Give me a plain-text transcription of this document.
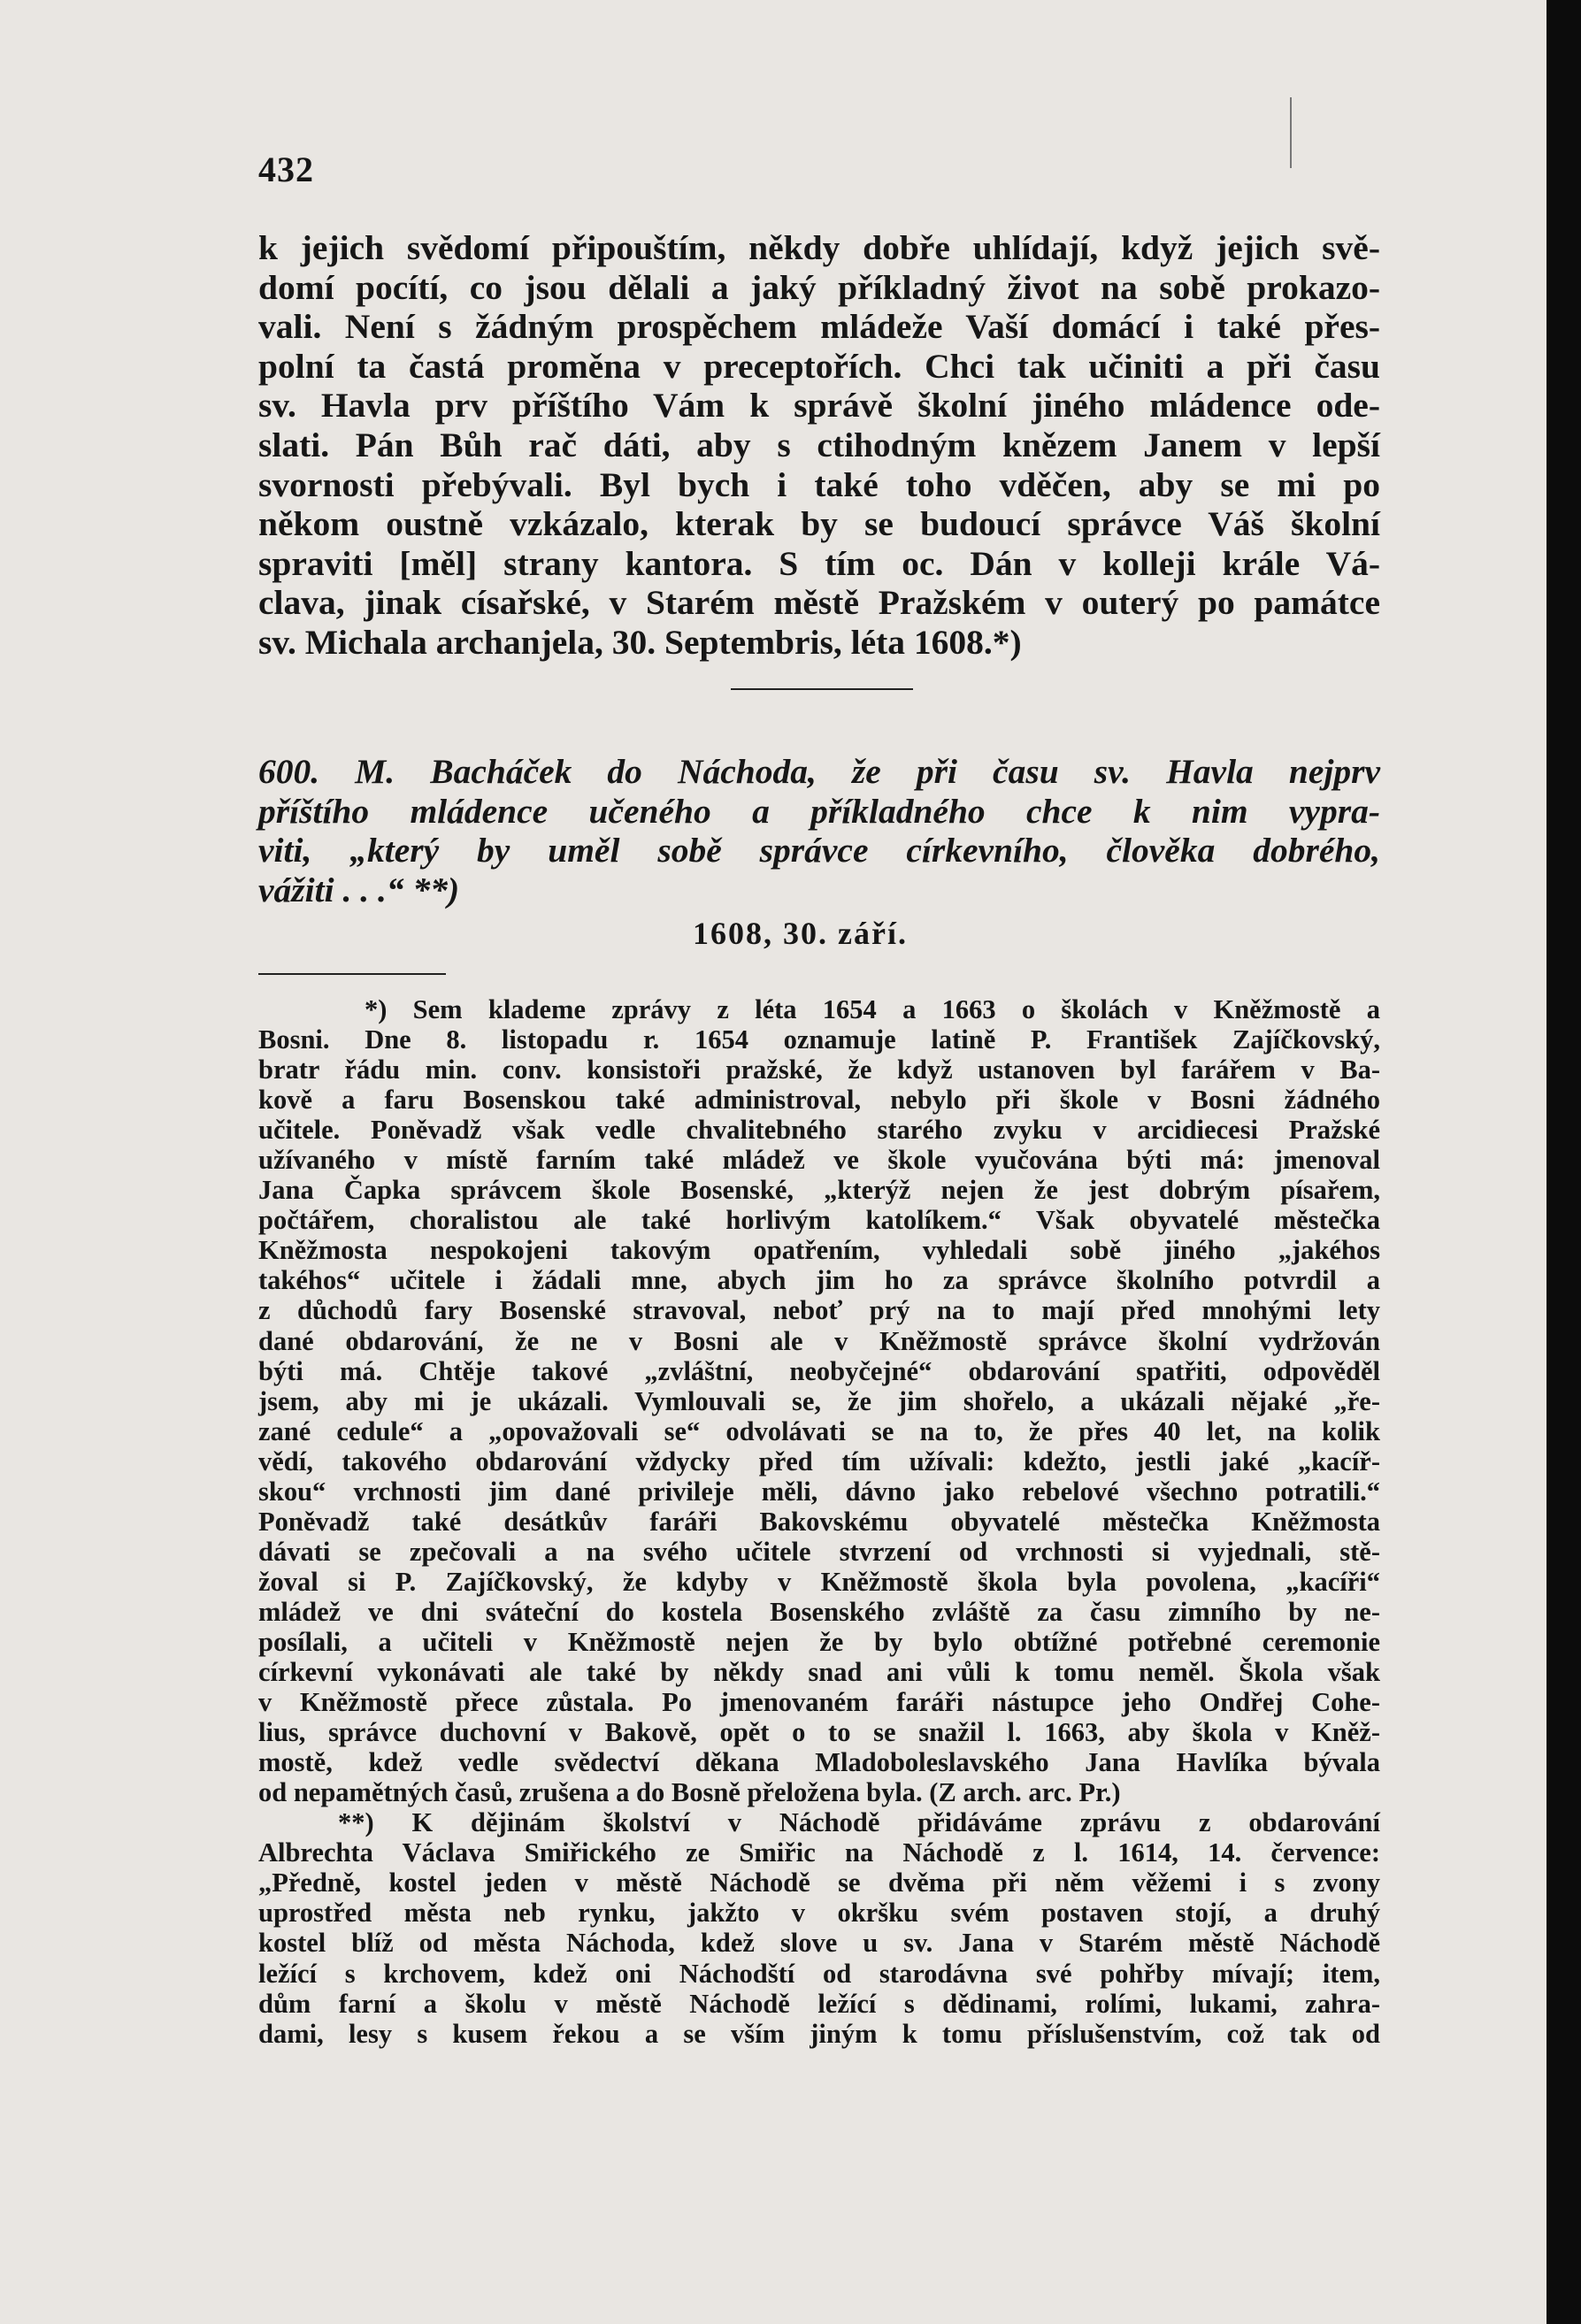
432
k jejich svědomí připouštím, někdy dobře uhlídají, když jejich svě-
domí pocítí, co jsou dělali a jaký příkladný život na sobě prokazo-
vali. Není s žádným prospěchem mládeže Vaší domácí i také přes-
polní ta častá proměna v preceptořích. Chci tak učiniti a při času
sv. Havla prv příštího Vám k správě školní jiného mládence ode-
slati. Pán Bůh rač dáti, aby s ctihodným knězem Janem v lepší
svornosti přebývali. Byl bych i také toho vděčen, aby se mi po
někom oustně vzkázalo, kterak by se budoucí správce Váš školní
spraviti [měl] strany kantora. S tím oc. Dán v kolleji krále Vá-
clava, jinak císařské, v Starém městě Pražském v outerý po památce
sv. Michala archanjela, 30. Septembris, léta 1608.*)
600. M. Bacháček do Náchoda, že při času sv. Havla nejprv
příštího mládence učeného a příkladného chce k nim vypra-
viti, „který by uměl sobě správce církevního, člověka dobrého,
vážiti . . .“ **)
1608, 30. září.
*) Sem klademe zprávy z léta 1654 a 1663 o školách v Kněžmostě a
Bosni. Dne 8. listopadu r. 1654 oznamuje latině P. František Zajíčkovský,
bratr řádu min. conv. konsistoři pražské, že když ustanoven byl farářem v Ba-
kově a faru Bosenskou také administroval, nebylo při škole v Bosni žádného
učitele. Poněvadž však vedle chvalitebného starého zvyku v arcidiecesi Pražské
užívaného v místě farním také mládež ve škole vyučována býti má: jmenoval
Jana Čapka správcem škole Bosenské, „kterýž nejen že jest dobrým písařem,
počtářem, choralistou ale také horlivým katolíkem.“ Však obyvatelé městečka
Kněžmosta nespokojeni takovým opatřením, vyhledali sobě jiného „jakéhos
takéhos“ učitele i žádali mne, abych jim ho za správce školního potvrdil a
z důchodů fary Bosenské stravoval, neboť prý na to mají před mnohými lety
dané obdarování, že ne v Bosni ale v Kněžmostě správce školní vydržován
býti má. Chtěje takové „zvláštní, neobyčejné“ obdarování spatřiti, odpověděl
jsem, aby mi je ukázali. Vymlouvali se, že jim shořelo, a ukázali nějaké „ře-
zané cedule“ a „opovažovali se“ odvolávati se na to, že přes 40 let, na kolik
vědí, takového obdarování vždycky před tím užívali: kdežto, jestli jaké „kacíř-
skou“ vrchnosti jim dané privileje měli, dávno jako rebelové všechno potratili.“
Poněvadž také desátkův faráři Bakovskému obyvatelé městečka Kněžmosta
dávati se zpečovali a na svého učitele stvrzení od vrchnosti si vyjednali, stě-
žoval si P. Zajíčkovský, že kdyby v Kněžmostě škola byla povolena, „kacíři“
mládež ve dni sváteční do kostela Bosenského zvláště za času zimního by ne-
posílali, a učiteli v Kněžmostě nejen že by bylo obtížné potřebné ceremonie
církevní vykonávati ale také by někdy snad ani vůli k tomu neměl. Škola však
v Kněžmostě přece zůstala. Po jmenovaném faráři nástupce jeho Ondřej Cohe-
lius, správce duchovní v Bakově, opět o to se snažil l. 1663, aby škola v Kněž-
mostě, kdež vedle svědectví děkana Mladoboleslavského Jana Havlíka bývala
od nepamětných časů, zrušena a do Bosně přeložena byla. (Z arch. arc. Pr.)
**) K dějinám školství v Náchodě přidáváme zprávu z obdarování
Albrechta Václava Smiřického ze Smiřic na Náchodě z l. 1614, 14. července:
„Předně, kostel jeden v městě Náchodě se dvěma při něm věžemi i s zvony
uprostřed města neb rynku, jakžto v okršku svém postaven stojí, a druhý
kostel blíž od města Náchoda, kdež slove u sv. Jana v Starém městě Náchodě
ležící s krchovem, kdež oni Náchodští od starodávna své pohřby mívají; item,
dům farní a školu v městě Náchodě ležící s dědinami, rolími, lukami, zahra-
dami, lesy s kusem řekou a se vším jiným k tomu příslušenstvím, což tak od
